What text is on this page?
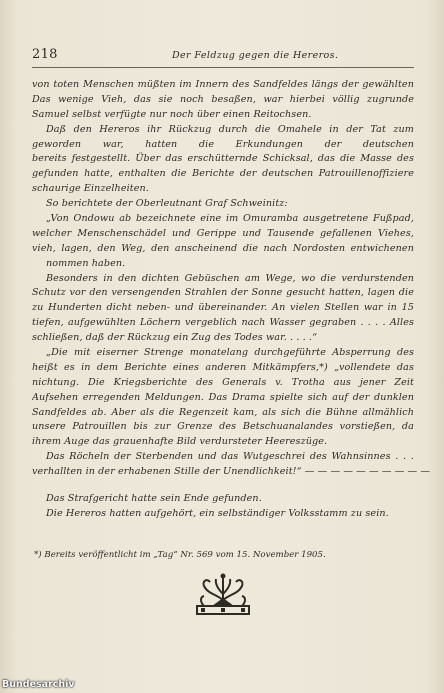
218	Der Feldzug gegen die Hereros.
von toten Menschen müßten im Innern des Sandfeldes längs der gewählten
Das wenige Vieh, das sie noch besaßen, war hierbei völlig zugrunde
Samuel selbst verfügte nur noch über einen Reitochsen.
Daß den Hereros ihr Rückzug durch die Omahele in der Tat zum
geworden war, hatten die Erkundungen der deutschen
bereits festgestellt. Über das erschütternde Schicksal, das die Masse des
gefunden hatte, enthalten die Berichte der deutschen Patrouillenoffiziere
schaurige Einzelheiten.
So berichtete der Oberleutnant Graf Schweinitz:
„Von Ondowu ab bezeichnete eine im Omuramba ausgetretene Fußpad,
welcher Menschenschädel und Gerippe und Tausende gefallenen Viehes,
vieh, lagen, den Weg, den anscheinend die nach Nordosten entwichenen
nommen haben.
Besonders in den dichten Gebüschen am Wege, wo die verdurstenden
Schutz vor den versengenden Strahlen der Sonne gesucht hatten, lagen die
zu Hunderten dicht neben- und übereinander. An vielen Stellen war in 15
tiefen, aufgewühlten Löchern vergeblich nach Wasser gegraben . . . . Alles
schließen, daß der Rückzug ein Zug des Todes war. . . . .“
„Die mit eiserner Strenge monatelang durchgeführte Absperrung des
heißt es in dem Berichte eines anderen Mitkämpfers,*) „vollendete das
nichtung. Die Kriegsberichte des Generals v. Trotha aus jener Zeit
Aufsehen erregenden Meldungen. Das Drama spielte sich auf der dunklen
Sandfeldes ab. Aber als die Regenzeit kam, als sich die Bühne allmählich
unsere Patrouillen bis zur Grenze des Betschuanalandes vorstießen, da
ihrem Auge das grauenhafte Bild verdursteter Heereszüge.
Das Röcheln der Sterbenden und das Wutgeschrei des Wahnsinnes . . .
verhallten in der erhabenen Stille der Unendlichkeit!“ — — — — — — — — — —
Das Strafgericht hatte sein Ende gefunden.
Die Hereros hatten aufgehört, ein selbständiger Volksstamm zu sein.
*) Bereits veröffentlicht im „Tag“ Nr. 569 vom 15. November 1905.
Bundesarchiv
